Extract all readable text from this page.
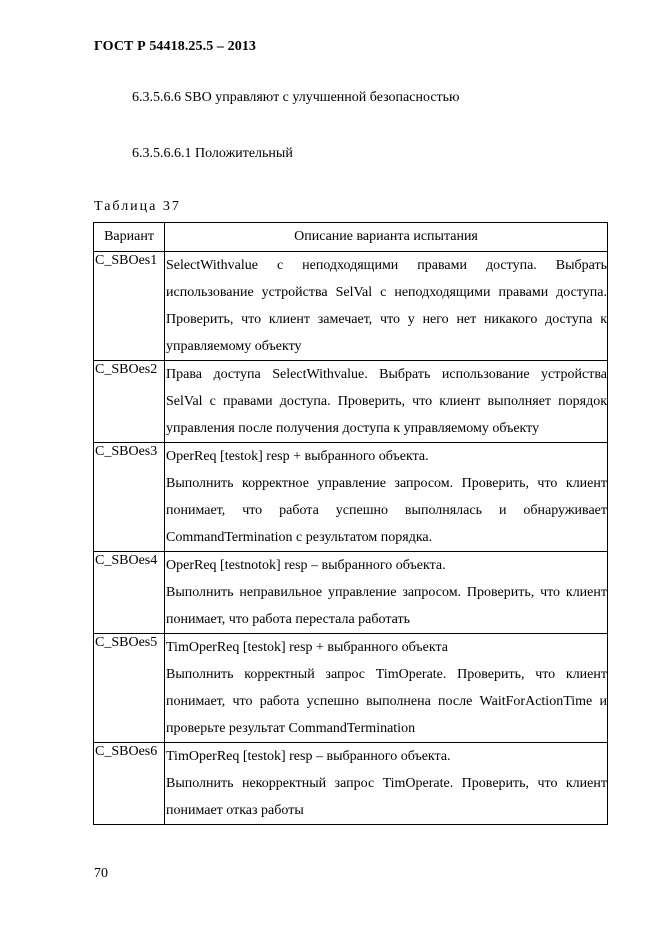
ГОСТ Р 54418.25.5 – 2013
6.3.5.6.6 SBO управляют с улучшенной безопасностью
6.3.5.6.6.1 Положительный
Таблица 37
Вариант	Описание варианта испытания
C_SBOes1	SelectWithvalue с неподходящими правами доступа. Выбрать использование устройства SelVal с неподходящими правами доступа. Проверить, что клиент замечает, что у него нет никакого доступа к управляемому объекту

C_SBOes2	Права доступа SelectWithvalue. Выбрать использование устройства SelVal с правами доступа. Проверить, что клиент выполняет порядок управления после получения доступа к управляемому объекту

C_SBOes3	OperReq [testok] resp + выбранного объекта.
Выполнить корректное управление запросом. Проверить, что клиент понимает, что работа успешно выполнялась и обнаруживает CommandTermination с результатом порядка.

C_SBOes4	OperReq [testnotok] resp – выбранного объекта.
Выполнить неправильное управление запросом. Проверить, что клиент понимает, что работа перестала работать

C_SBOes5	TimOperReq [testok] resp + выбранного объекта
Выполнить корректный запрос TimOperate. Проверить, что клиент понимает, что работа успешно выполнена после WaitForActionTime и проверьте результат CommandTermination

C_SBOes6	TimOperReq [testok] resp – выбранного объекта.
Выполнить некорректный запрос TimOperate. Проверить, что клиент понимает отказ работы
70
